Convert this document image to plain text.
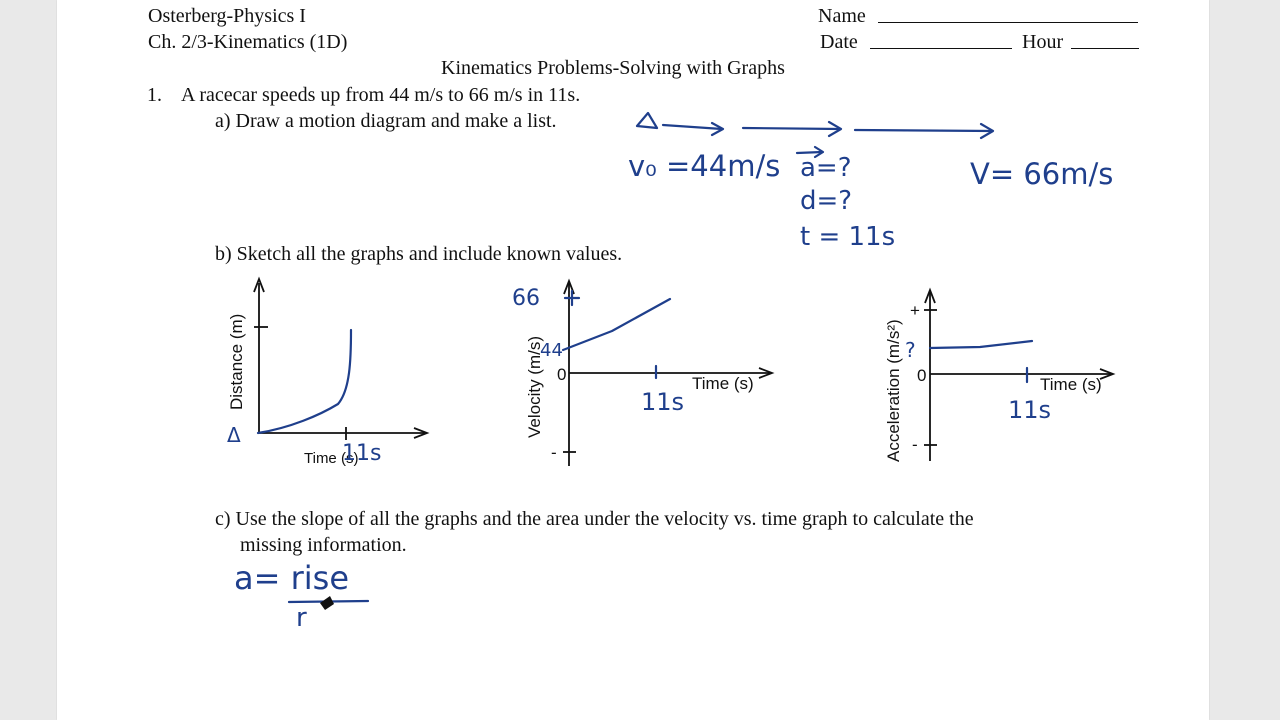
Osterberg-Physics I
Ch. 2/3-Kinematics (1D)
Name
Date	Hour
Kinematics Problems-Solving with Graphs
1. A racecar speeds up from 44 m/s to 66 m/s in 11s.
a) Draw a motion diagram and make a list.
b) Sketch all the graphs and include known values.
c) Use the slope of all the graphs and the area under the velocity vs. time graph to calculate the
missing information.
v₀ =44m/s a=?
d=?
t = 11s
V= 66m/s
Distance (m)
Time (s)
Δ
11s
Velocity (m/s) 0
-
Time (s)
66
44
11s	Acceleration (m/s²) 0
+
-
Time (s)
?
11s
a= rise
r
